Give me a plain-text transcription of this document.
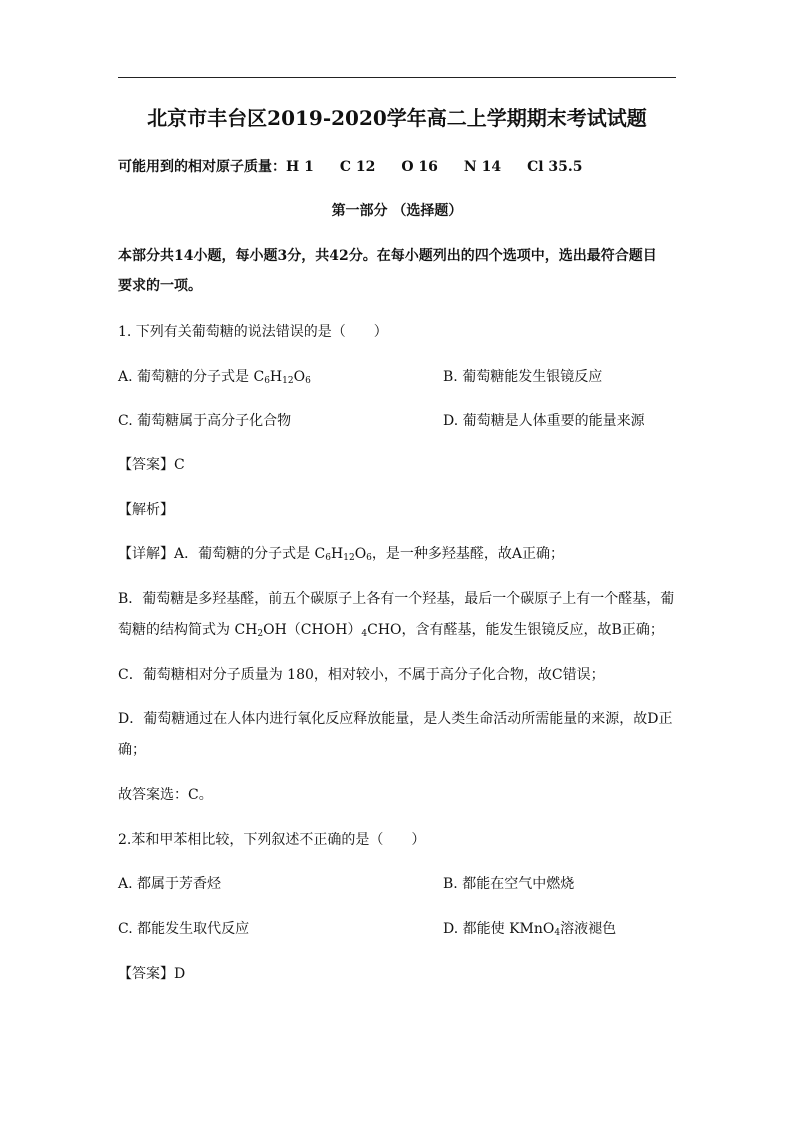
北京市丰台区2019-2020学年高二上学期期末考试试题
可能用到的相对原子质量：H 1 C 12 O 16 N 14 Cl 35.5
第一部分 （选择题）
本部分共14小题，每小题3分，共42分。在每小题列出的四个选项中，选出最符合题目
要求的一项。
1. 下列有关葡萄糖的说法错误的是（　　）
A. 葡萄糖的分子式是 $C_6H_{12}O_6$	B. 葡萄糖能发生银镜反应
C. 葡萄糖属于高分子化合物	D. 葡萄糖是人体重要的能量来源
【答案】C
【解析】
【详解】A．葡萄糖的分子式是 $C_6H_{12}O_6$，是一种多羟基醛，故A正确；
B．葡萄糖是多羟基醛，前五个碳原子上各有一个羟基，最后一个碳原子上有一个醛基，葡
萄糖的结构简式为 $CH_2OH(CHOH)_4CHO$，含有醛基，能发生银镜反应，故B正确；
C．葡萄糖相对分子质量为 180，相对较小，不属于高分子化合物，故C错误；
D．葡萄糖通过在人体内进行氧化反应释放能量，是人类生命活动所需能量的来源，故D正
确；
故答案选：C。
2.苯和甲苯相比较，下列叙述不正确的是（　　）
A. 都属于芳香烃	B. 都能在空气中燃烧
C. 都能发生取代反应	D. 都能使 KMnO$_4$溶液褪色
【答案】D
